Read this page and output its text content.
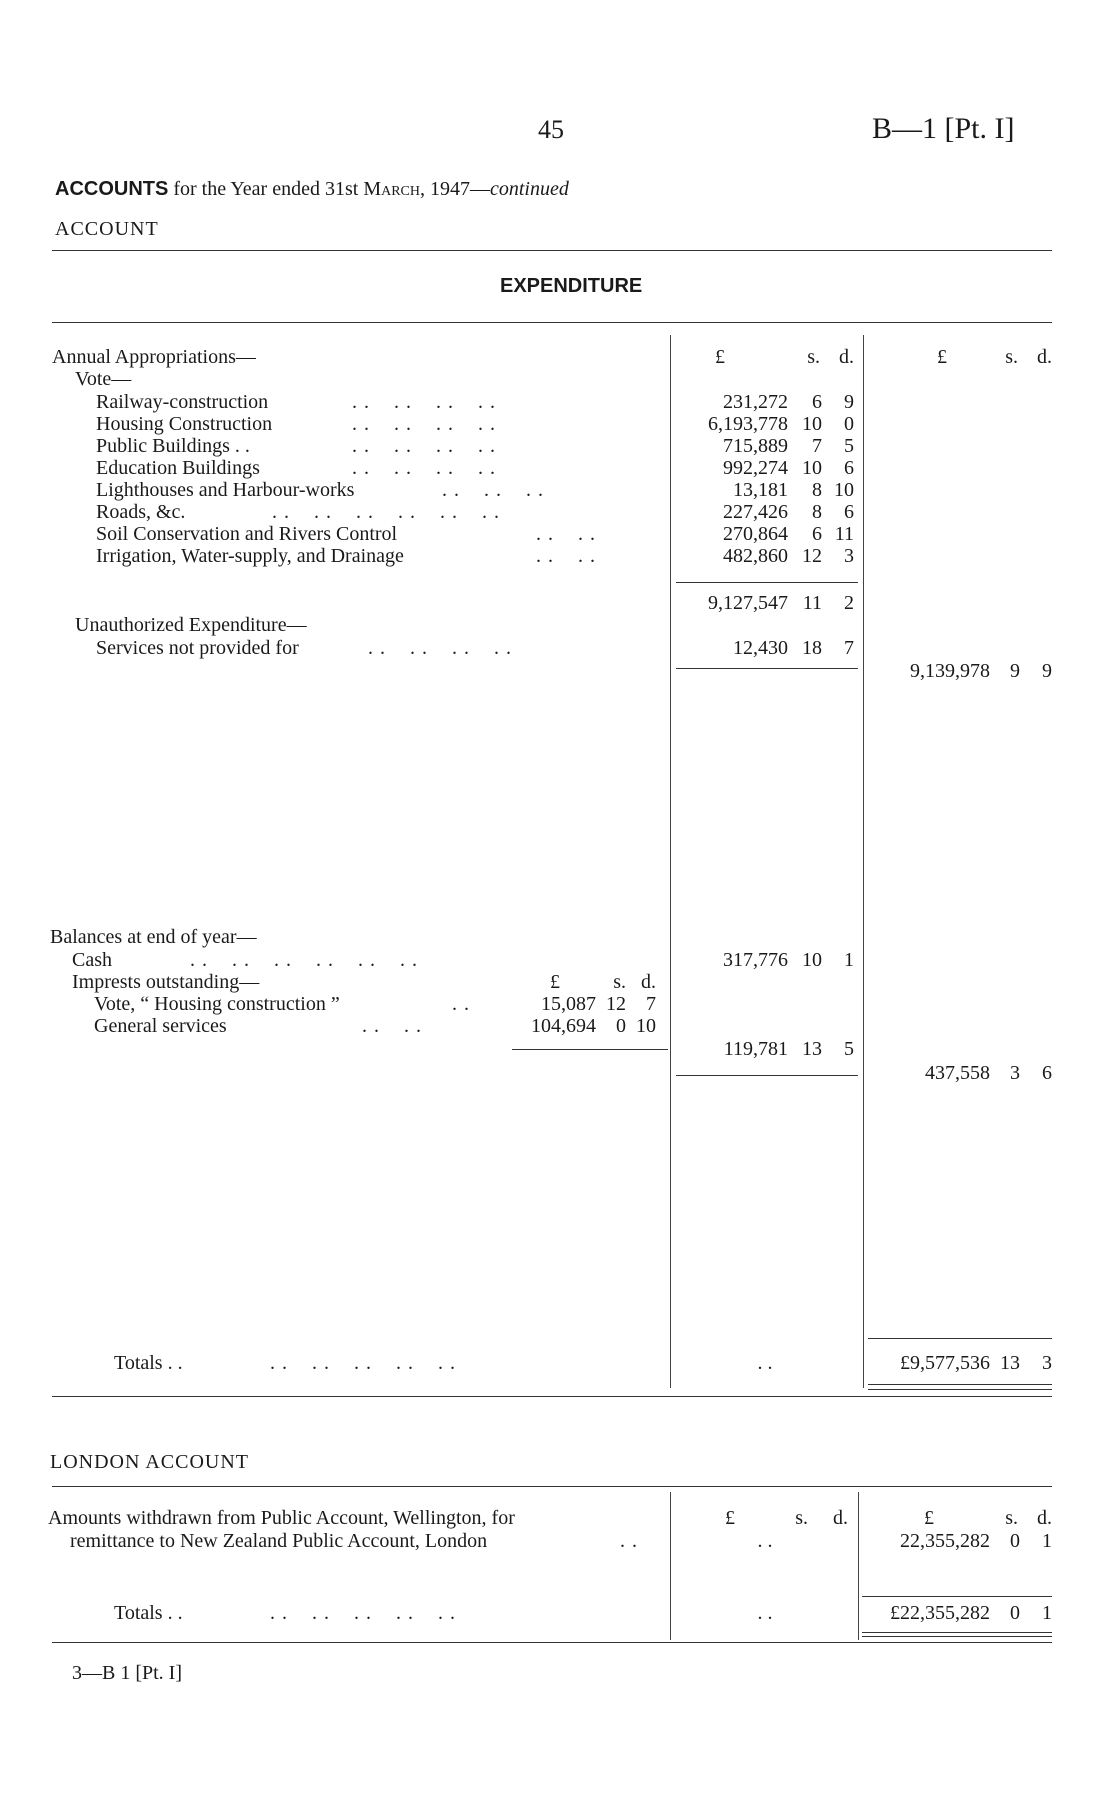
45	B—1 [Pt. I]
ACCOUNTS for the Year ended 31st March, 1947—continued
ACCOUNT
EXPENDITURE
£	s. d.	£	s. d.
Annual Appropriations—
Vote—
Railway-construction	. .    . .    . .    . .	231,272	6	9
Housing Construction	. .    . .    . .    . .	6,193,778 10	0
Public Buildings . .	. .    . .    . .    . .	715,889	7	5
Education Buildings	. .    . .    . .    . .	992,274 10	6
Lighthouses and Harbour-works	. .    . .    . .	13,181	8 10
Roads, &c.	. .    . .    . .    . .    . .    . .	227,426	8	6
Soil Conservation and Rivers Control	. .    . .	270,864	6 11
Irrigation, Water-supply, and Drainage	. .    . .	482,860 12	3
9,127,547 11	2
Unauthorized Expenditure—
Services not provided for	. .    . .    . .    . .	12,430 18	7
9,139,978	9	9
Balances at end of year—
Cash	. .    . .    . .    . .    . .    . .	317,776 10	1
Imprests outstanding—	£	s. d.
Vote, “ Housing construction ”	. .	15,087 12	7
General services	. .    . .	104,694	0 10
119,781 13	5
437,558	3	6
Totals . .	. .    . .    . .    . .    . .	. .	£9,577,536 13	3
LONDON ACCOUNT
Amounts withdrawn from Public Account, Wellington, for
remittance to New Zealand Public Account, London	. .
£	s.	d.	£	s. d.
. .	22,355,282	0	1
Totals . .	. .    . .    . .    . .    . .	. .	£22,355,282	0	1
3—B 1 [Pt. I]
